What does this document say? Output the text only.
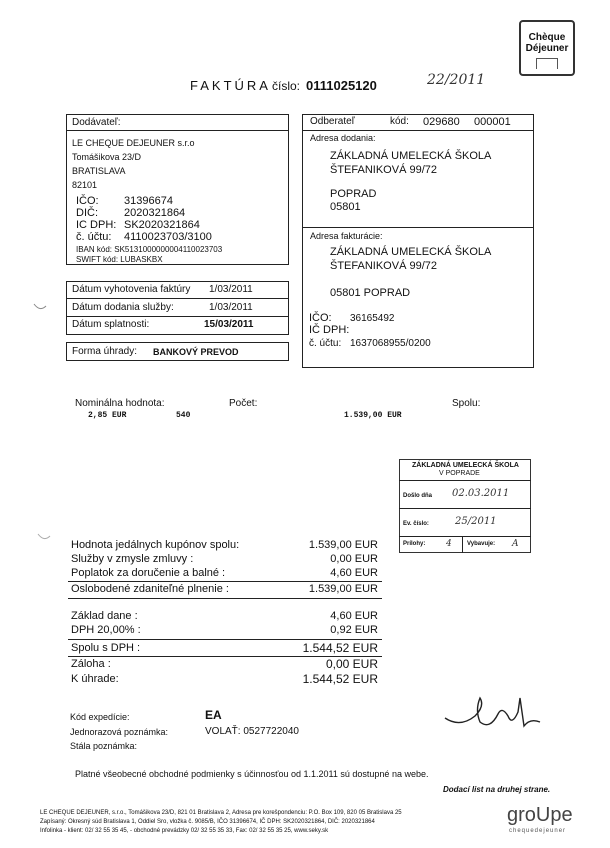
Chèque
Déjeuner
FAKTÚRA číslo: 0111025120	22/2011
Dodávateľ:
LE CHEQUE DEJEUNER s.r.o
Tomášikova 23/D
BRATISLAVA
82101
IČO: 31396674
DIČ: 2020321864
IC DPH: SK2020321864
č. účtu: 4110023703/3100
IBAN kód: SK5131000000004110023703
SWIFT kód: LUBASKBX
Dátum vyhotovenia faktúry 1/03/2011
Dátum dodania služby:	1/03/2011
Dátum splatnosti:	15/03/2011
Forma úhrady: BANKOVÝ PREVOD
Odberateľ	kód: 029680 000001
Adresa dodania:
ZÁKLADNÁ UMELECKÁ ŠKOLA
ŠTEFANIKOVÁ 99/72
POPRAD
05801
Adresa fakturácie:
ZÁKLADNÁ UMELECKÁ ŠKOLA
ŠTEFANIKOVÁ 99/72
05801 POPRAD
IČO: 36165492
IČ DPH:
č. účtu: 1637068955/0200
Nominálna hodnota:	Počet:	Spolu:
2,85 EUR	540	1.539,00 EUR
ZÁKLADNÁ UMELECKÁ ŠKOLA
V POPRADE
Došlo dňa 02.03.2011
Ev. číslo:	25/2011
Prílohy: 4	Vybavuje: A
Hodnota jedálnych kupónov spolu:	1.539,00 EUR
Služby v zmysle zmluvy :	0,00 EUR
Poplatok za doručenie a balné :	4,60 EUR
Oslobodené zdaniteľné plnenie :	1.539,00 EUR
Základ dane :	4,60 EUR
DPH 20,00% :	0,92 EUR
Spolu s DPH :	1.544,52 EUR
Záloha :	0,00 EUR
K úhrade:	1.544,52 EUR
Kód expedície:	EA
Jednorazová poznámka:	VOLAŤ: 0527722040
Stála poznámka:
Platné všeobecné obchodné podmienky s účinnosťou od 1.1.2011 sú dostupné na webe.
Dodací list na druhej strane.
LE CHEQUE DEJEUNER, s.r.o., Tomášikova 23/D, 821 01 Bratislava 2, Adresa pre korešpondenciu: P.O. Box 109, 820 05 Bratislava 25
Zapísaný: Okresný súd Bratislava 1, Oddiel Sro, vložka č. 9085/B, IČO 31396674, IČ DPH: SK2020321864, DIČ: 2020321864
Infolinka - klient: 02/ 32 55 35 45, - obchodné prevádzky 02/ 32 55 35 33, Fax: 02/ 32 55 35 25, www.seky.sk
groUpe
chequedejeuner
